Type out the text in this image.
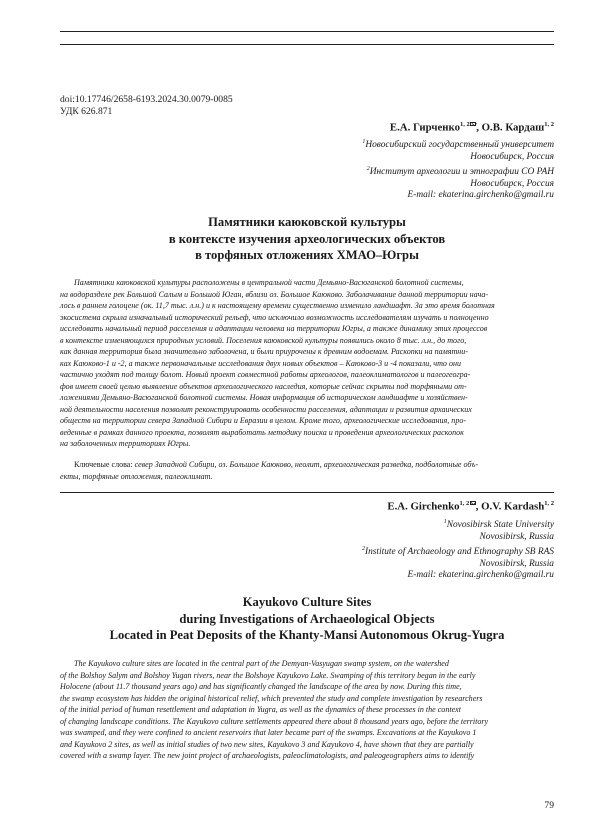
doi:10.17746/2658-6193.2024.30.0079-0085
УДК 626.871
Е.А. Гирченко$^{1, 2}$ , О.В. Кардаш$^{1, 2}$
$^1$Новосибирский государственный университет
Новосибирск, Россия
$^2$Институт археологии и этнографии СО РАН
Новосибирск, Россия
E-mail: ekaterina.girchenko@gmail.ru
Памятники каюковской культуры
в контексте изучения археологических объектов
в торфяных отложениях ХМАО–Югры
Памятники каюковской культуры расположены в центральной части Демьяно-Васюганской болотной системы,
на водоразделе рек Большой Салым и Большой Юган, вблизи оз. Большое Каюково. Заболачивание данной территории нача-
лось в раннем голоцене (ок. 11,7 тыс. л.н.) и к настоящему времени существенно изменило ландшафт. За это время болотная
экосистема скрыла изначальный исторический рельеф, что исключило возможность исследователям изучать и полноценно
исследовать начальный период расселения и адаптации человека на территории Югры, а также динамику этих процессов
в контексте изменяющихся природных условий. Поселения каюковской культуры появились около 8 тыс. л.н., до того,
как данная территория была значительно заболочена, и были приурочены к древним водоемам. Раскопки на памятни-
ках Каюково-1 и -2, а также первоначальные исследования двух новых объектов – Каюково-3 и -4 показали, что они
частично уходят под толщу болот. Новый проект совместной работы археологов, палеоклиматологов и палеогеогра-
фов имеет своей целью выявление объектов археологического наследия, которые сейчас скрыты под торфяными от-
ложениями Демьяно-Васюганской болотной системы. Новая информация об историческом ландшафте и хозяйствен-
ной деятельности населения позволит реконструировать особенности расселения, адаптации и развития архаических
обществ на территории севера Западной Сибири и Евразии в целом. Кроме того, археологические исследования, про-
веденные в рамках данного проекта, позволят выработать методику поиска и проведения археологических раскопок
на заболоченных территориях Югры.
Ключевые слова: север Западной Сибири, оз. Большое Каюково, неолит, археологическая разведка, подболотные объ-
екты, торфяные отложения, палеоклимат.
E.A. Girchenko$^{1, 2}$ , O.V. Kardash$^{1, 2}$
$^1$Novosibirsk State University
Novosibirsk, Russia
$^2$Institute of Archaeology and Ethnography SB RAS
Novosibirsk, Russia
E-mail: ekaterina.girchenko@gmail.ru
Kayukovo Culture Sites
during Investigations of Archaeological Objects
Located in Peat Deposits of the Khanty-Mansi Autonomous Okrug-Yugra
The Kayukovo culture sites are located in the central part of the Demyan-Vasyugan swamp system, on the watershed
of the Bolshoy Salym and Bolshoy Yugan rivers, near the Bolshoye Kayukovo Lake. Swamping of this territory began in the early
Holocene (about 11.7 thousand years ago) and has significantly changed the landscape of the area by now. During this time,
the swamp ecosystem has hidden the original historical relief, which prevented the study and complete investigation by researchers
of the initial period of human resettlement and adaptation in Yugra, as well as the dynamics of these processes in the context
of changing landscape conditions. The Kayukovo culture settlements appeared there about 8 thousand years ago, before the territory
was swamped, and they were confined to ancient reservoirs that later became part of the swamps. Excavations at the Kayukovo 1
and Kayukovo 2 sites, as well as initial studies of two new sites, Kayukovo 3 and Kayukovo 4, have shown that they are partially
covered with a swamp layer. The new joint project of archaeologists, paleoclimatologists, and paleogeographers aims to identify
79
